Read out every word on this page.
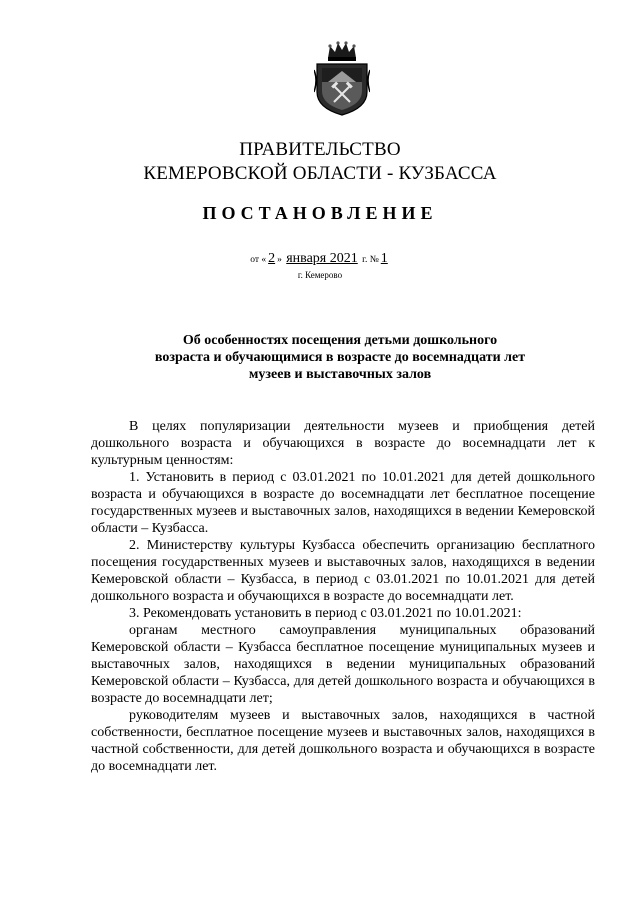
ПРАВИТЕЛЬСТВО
КЕМЕРОВСКОЙ ОБЛАСТИ - КУЗБАССА
ПОСТАНОВЛЕНИЕ
от « 2 » января 2021 г. № 1
г. Кемерово
Об особенностях посещения детьми дошкольного
возраста и обучающимися в возрасте до восемнадцати лет
музеев и выставочных залов

В целях популяризации деятельности музеев и приобщения детей дошкольного возраста и обучающихся в возрасте до восемнадцати лет к культурным ценностям:

1. Установить в период с 03.01.2021 по 10.01.2021 для детей дошкольного возраста и обучающихся в возрасте до восемнадцати лет бесплатное посещение государственных музеев и выставочных залов, находящихся в ведении Кемеровской области – Кузбасса.

2. Министерству культуры Кузбасса обеспечить организацию бесплатного посещения государственных музеев и выставочных залов, находящихся в ведении Кемеровской области – Кузбасса, в период с 03.01.2021 по 10.01.2021 для детей дошкольного возраста и обучающихся в возрасте до восемнадцати лет.

3. Рекомендовать установить в период с 03.01.2021 по 10.01.2021:

органам местного самоуправления муниципальных образований Кемеровской области – Кузбасса бесплатное посещение муниципальных музеев и выставочных залов, находящихся в ведении муниципальных образований Кемеровской области – Кузбасса, для детей дошкольного возраста и обучающихся в возрасте до восемнадцати лет;

руководителям музеев и выставочных залов, находящихся в частной собственности, бесплатное посещение музеев и выставочных залов, находящихся в частной собственности, для детей дошкольного возраста и обучающихся в возрасте до восемнадцати лет.
